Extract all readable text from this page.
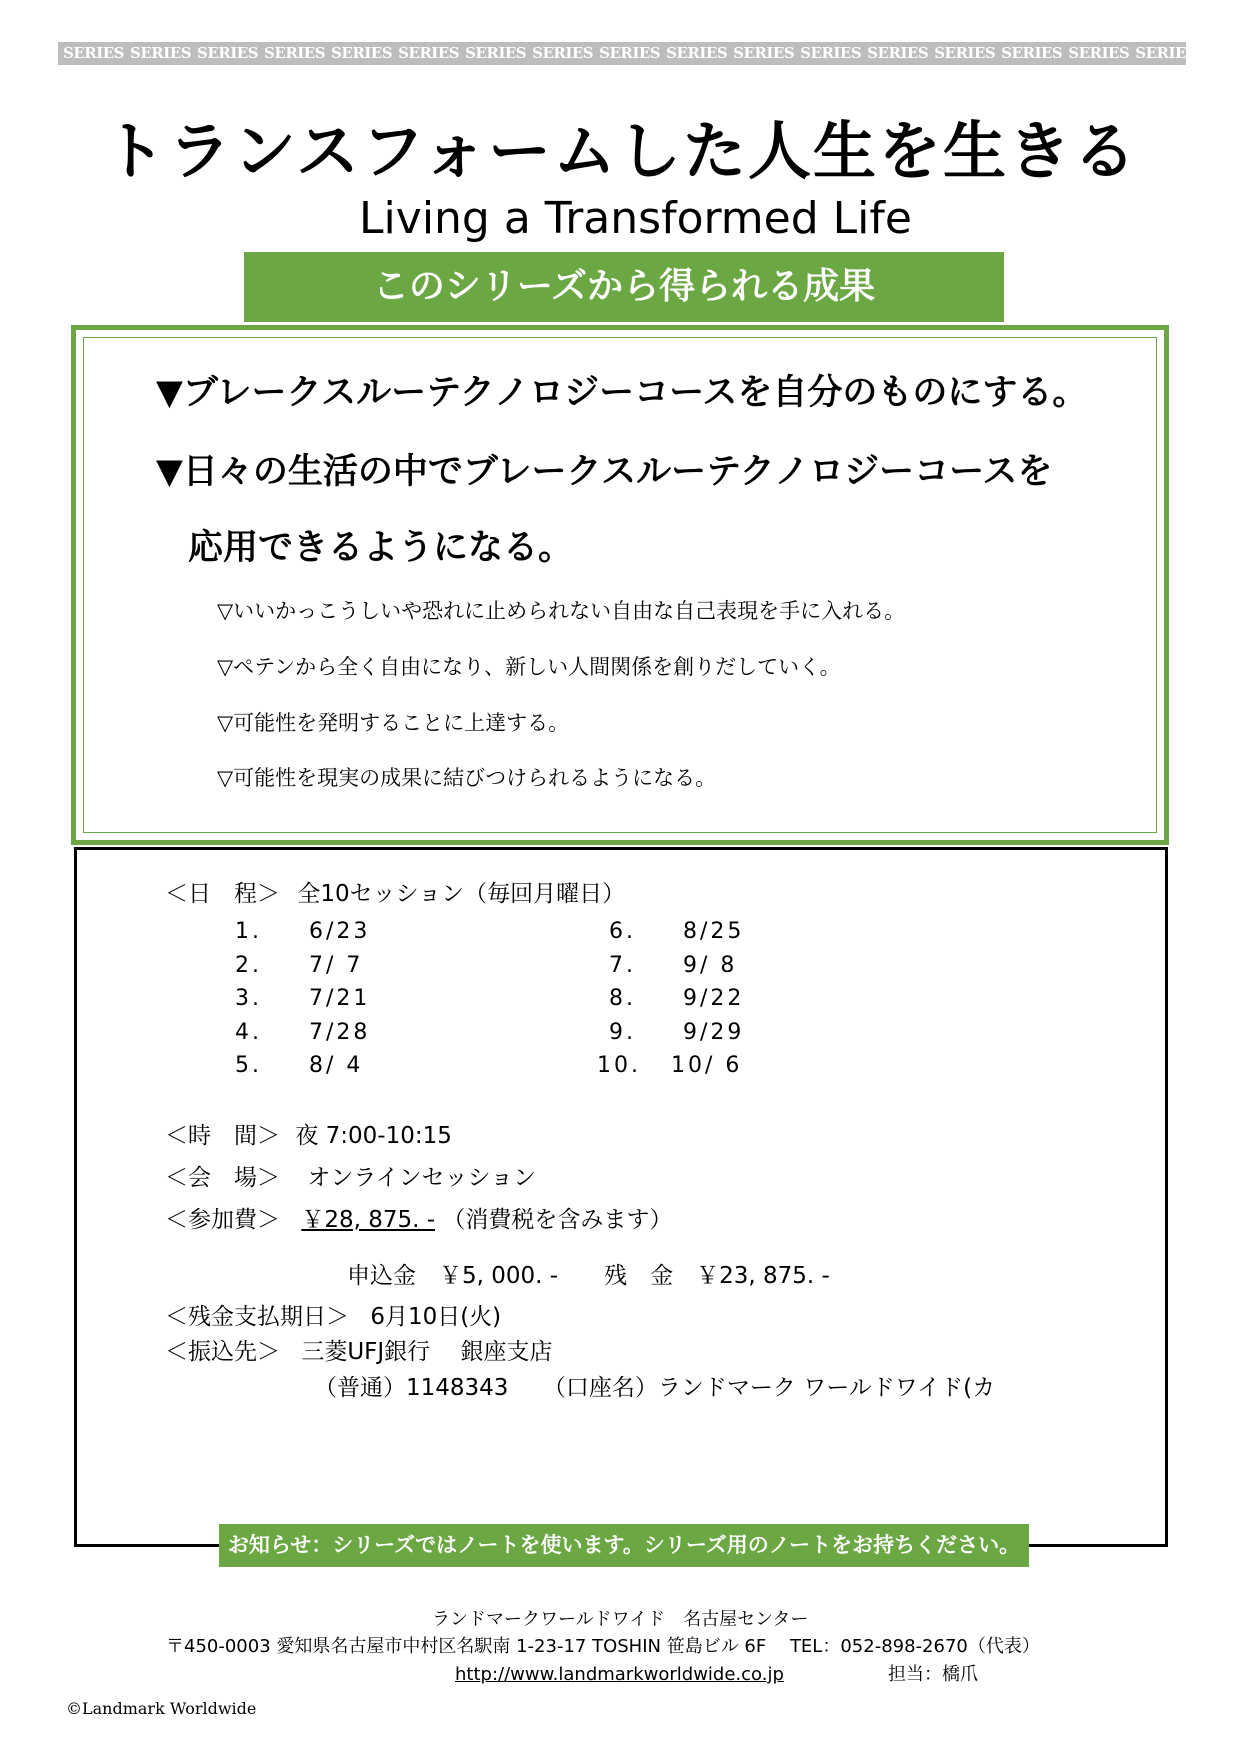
SERIES SERIES SERIES SERIES SERIES SERIES SERIES SERIES SERIES SERIES SERIES SERIES SERIES SERIES SERIES SERIES SERIES
トランスフォームした人生を生きる
Living a Transformed Life
このシリーズから得られる成果
▼ブレークスルーテクノロジーコースを自分のものにする。
▼日々の生活の中でブレークスルーテクノロジーコースを
応用できるようになる。
▽いいかっこうしいや恐れに止められない自由な自己表現を手に入れる。
▽ペテンから全く自由になり、新しい人間関係を創りだしていく。
▽可能性を発明することに上達する。
▽可能性を現実の成果に結びつけられるようになる。
＜日　程＞ 全10セッション（毎回月曜日）
1. 6/23
2. 7/ 7
3. 7/21
4. 7/28
5. 8/ 4
6. 8/25
7. 9/ 8
8. 9/22
9. 9/29
10. 10/ 6
＜時　間＞ 夜 7:00-10:15
＜会　場＞ オンラインセッション
＜参加費＞ ￥28, 875. - （消費税を含みます）
申込金　￥5, 000. -　　残　金　￥23, 875. -
＜残金支払期日＞ 6月10日(火)
＜振込先＞ 三菱UFJ銀行　 銀座支店
（普通）1148343　　（口座名）ランドマーク ワールドワイド(カ
お知らせ：シリーズではノートを使います。シリーズ用のノートをお持ちください。
ランドマークワールドワイド　名古屋センター
〒450-0003 愛知県名古屋市中村区名駅南 1-23-17 TOSHIN 笹島ビル 6F　 TEL：052-898-2670（代表）
http://www.landmarkworldwide.co.jp	担当：橋爪
©Landmark Worldwide
